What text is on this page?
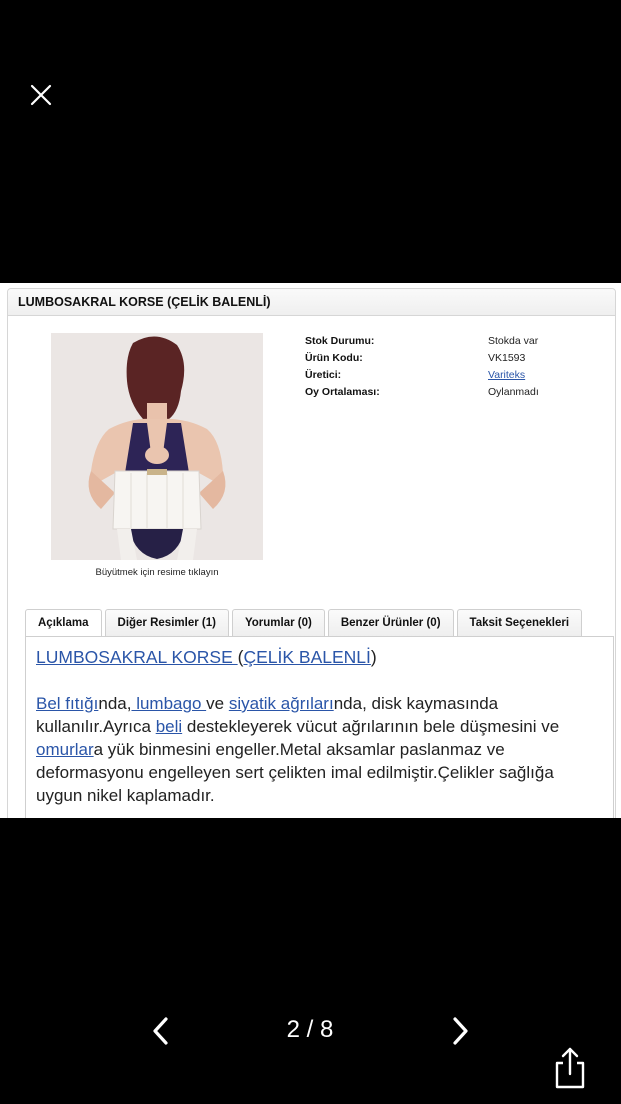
LUMBOSAKRAL KORSE (ÇELİK BALENLİ)
Büyütmek için resime tıklayın
Stok Durumu:	Stokda var
Ürün Kodu:	VK1593
Üretici:	Variteks
Oy Ortalaması:	Oylanmadı
Açıklama	Diğer Resimler (1)	Yorumlar (0)	Benzer Ürünler (0)	Taksit Seçenekleri
LUMBOSAKRAL KORSE (ÇELİK BALENLİ)
Bel fıtığında, lumbago ve siyatik ağrılarında, disk kaymasında kullanılır.Ayrıca beli destekleyerek vücut ağrılarının bele düşmesini ve omurlara yük binmesini engeller.Metal aksamlar paslanmaz ve deformasyonu engelleyen sert çelikten imal edilmiştir.Çelikler sağlığa uygun nikel kaplamadır.
2 / 8
